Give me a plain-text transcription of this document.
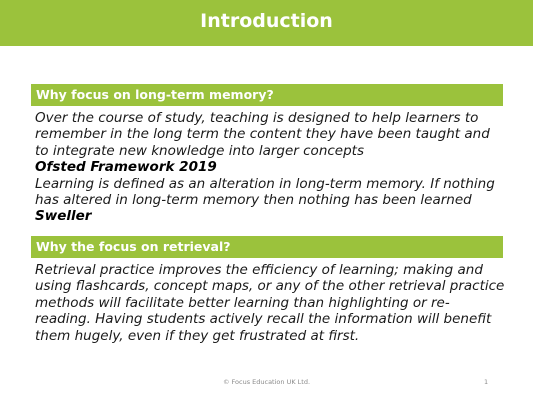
Introduction
Why focus on long-term memory?
Over the course of study, teaching is designed to help learners to remember in the long term the content they have been taught and to integrate new knowledge into larger concepts
Ofsted Framework 2019
Learning is defined as an alteration in long-term memory. If nothing has altered in long-term memory then nothing has been learned
Sweller
Why the focus on retrieval?
Retrieval practice improves the efficiency of learning; making and using flashcards, concept maps, or any of the other retrieval practice methods will facilitate better learning than highlighting or re-reading. Having students actively recall the information will benefit them hugely, even if they get frustrated at first.
© Focus Education UK Ltd.	1
